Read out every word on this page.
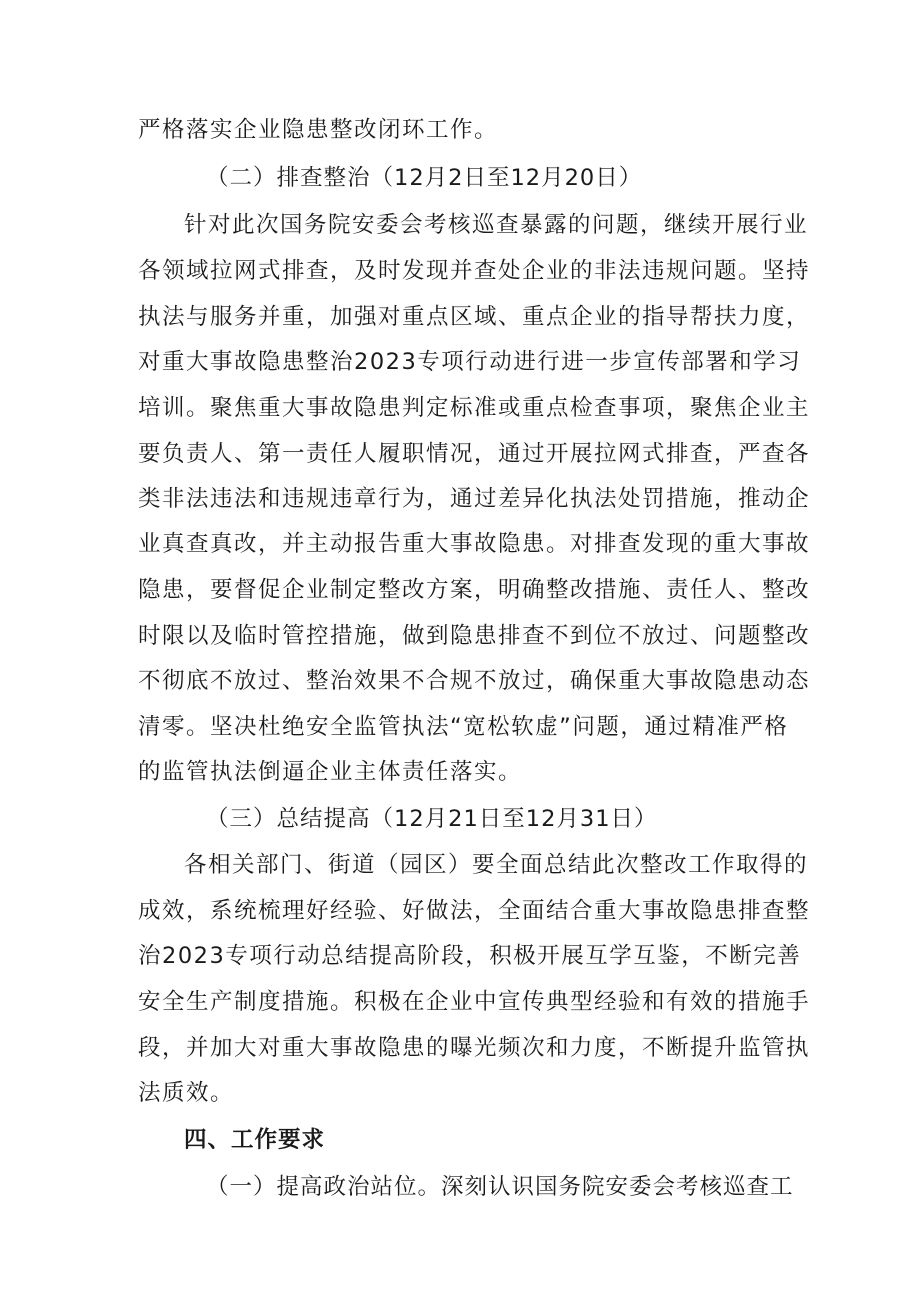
严格落实企业隐患整改闭环工作。
（二）排查整治（12月2日至12月20日）
针对此次国务院安委会考核巡查暴露的问题，继续开展行业
各领域拉网式排查，及时发现并查处企业的非法违规问题。坚持
执法与服务并重，加强对重点区域、重点企业的指导帮扶力度，
对重大事故隐患整治2023专项行动进行进一步宣传部署和学习
培训。聚焦重大事故隐患判定标准或重点检查事项，聚焦企业主
要负责人、第一责任人履职情况，通过开展拉网式排查，严查各
类非法违法和违规违章行为，通过差异化执法处罚措施，推动企
业真查真改，并主动报告重大事故隐患。对排查发现的重大事故
隐患，要督促企业制定整改方案，明确整改措施、责任人、整改
时限以及临时管控措施，做到隐患排查不到位不放过、问题整改
不彻底不放过、整治效果不合规不放过，确保重大事故隐患动态
清零。坚决杜绝安全监管执法“宽松软虚”问题，通过精准严格
的监管执法倒逼企业主体责任落实。
（三）总结提高（12月21日至12月31日）
各相关部门、街道（园区）要全面总结此次整改工作取得的
成效，系统梳理好经验、好做法，全面结合重大事故隐患排查整
治2023专项行动总结提高阶段，积极开展互学互鉴，不断完善
安全生产制度措施。积极在企业中宣传典型经验和有效的措施手
段，并加大对重大事故隐患的曝光频次和力度，不断提升监管执
法质效。
四、工作要求
（一）提高政治站位。深刻认识国务院安委会考核巡查工
